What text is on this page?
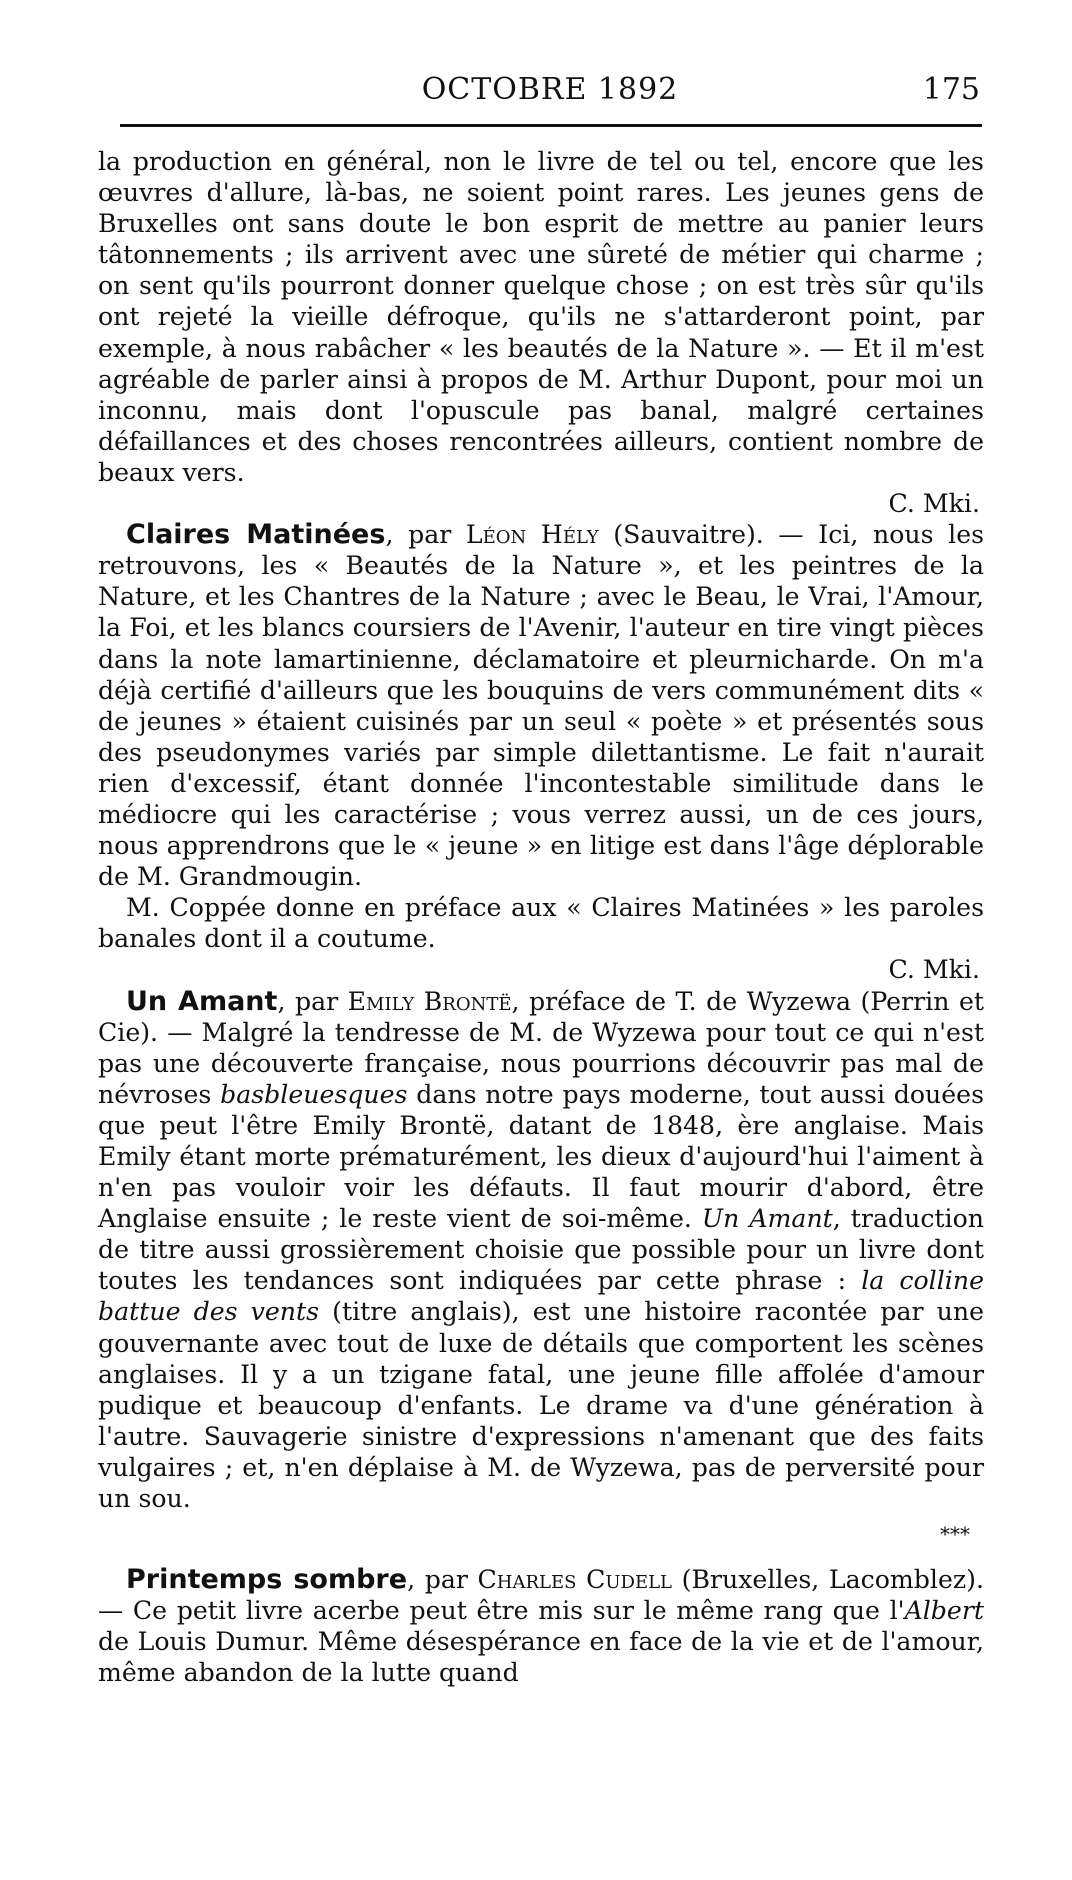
OCTOBRE 1892	175

la production en général, non le livre de tel ou tel, encore que les œuvres d'allure, là-bas, ne soient point rares. Les jeunes gens de Bruxelles ont sans doute le bon esprit de mettre au panier leurs tâtonnements ; ils arrivent avec une sûreté de métier qui charme ; on sent qu'ils pourront donner quelque chose ; on est très sûr qu'ils ont rejeté la vieille défroque, qu'ils ne s'attarderont point, par exemple, à nous rabâcher « les beautés de la Nature ». — Et il m'est agréable de parler ainsi à propos de M. Arthur Dupont, pour moi un inconnu, mais dont l'opuscule pas banal, malgré certaines défaillances et des choses rencontrées ailleurs, contient nombre de beaux vers.

C. Mki.

Claires Matinées, par Léon Hély (Sauvaitre). — Ici, nous les retrouvons, les « Beautés de la Nature », et les peintres de la Nature, et les Chantres de la Nature ; avec le Beau, le Vrai, l'Amour, la Foi, et les blancs coursiers de l'Avenir, l'auteur en tire vingt pièces dans la note lamartinienne, déclamatoire et pleurnicharde. On m'a déjà certifié d'ailleurs que les bouquins de vers communément dits « de jeunes » étaient cuisinés par un seul « poète » et présentés sous des pseudonymes variés par simple dilettantisme. Le fait n'aurait rien d'excessif, étant donnée l'incontestable similitude dans le médiocre qui les caractérise ; vous verrez aussi, un de ces jours, nous apprendrons que le « jeune » en litige est dans l'âge déplorable de M. Grandmougin.

M. Coppée donne en préface aux « Claires Matinées » les paroles banales dont il a coutume.

C. Mki.

Un Amant, par Emily Brontë, préface de T. de Wyzewa (Perrin et Cie). — Malgré la tendresse de M. de Wyzewa pour tout ce qui n'est pas une découverte française, nous pourrions découvrir pas mal de névroses basbleuesques dans notre pays moderne, tout aussi douées que peut l'être Emily Brontë, datant de 1848, ère anglaise. Mais Emily étant morte prématurément, les dieux d'aujourd'hui l'aiment à n'en pas vouloir voir les défauts. Il faut mourir d'abord, être Anglaise ensuite ; le reste vient de soi-même. Un Amant, traduction de titre aussi grossièrement choisie que possible pour un livre dont toutes les tendances sont indiquées par cette phrase : la colline battue des vents (titre anglais), est une histoire racontée par une gouvernante avec tout de luxe de détails que comportent les scènes anglaises. Il y a un tzigane fatal, une jeune fille affolée d'amour pudique et beaucoup d'enfants. Le drame va d'une génération à l'autre. Sauvagerie sinistre d'expressions n'amenant que des faits vulgaires ; et, n'en déplaise à M. de Wyzewa, pas de perversité pour un sou.

***

Printemps sombre, par Charles Cudell (Bruxelles, Lacomblez). — Ce petit livre acerbe peut être mis sur le même rang que l'Albert de Louis Dumur. Même désespérance en face de la vie et de l'amour, même abandon de la lutte quand
